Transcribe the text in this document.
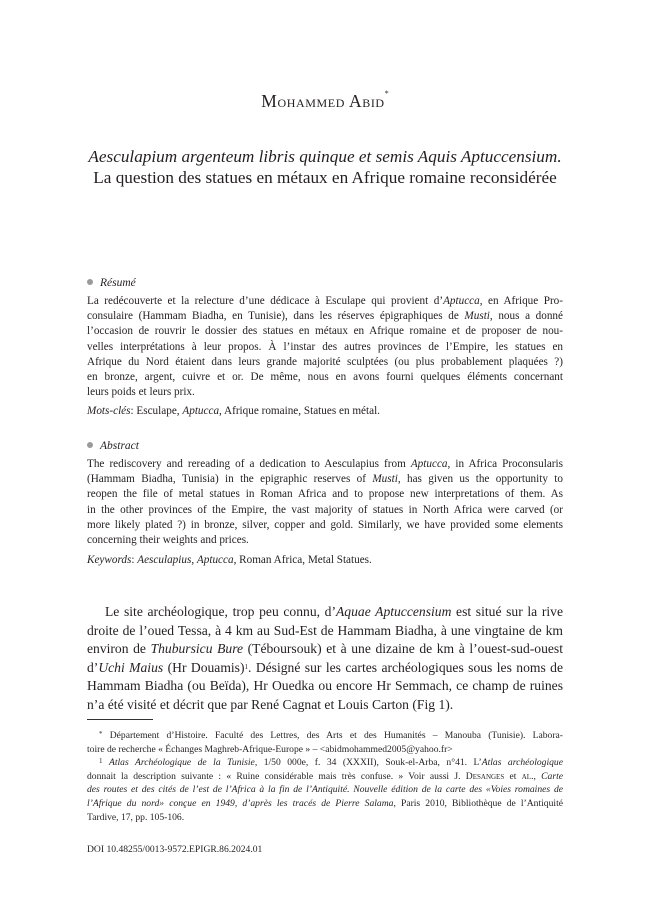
Mohammed Abid*
Aesculapium argenteum libris quinque et semis Aquis Aptuccensium.
La question des statues en métaux en Afrique romaine reconsidérée
Résumé
La redécouverte et la relecture d’une dédicace à Esculape qui provient d’Aptucca, en Afrique Pro-
consulaire (Hammam Biadha, en Tunisie), dans les réserves épigraphiques de Musti, nous a donné
l’occasion de rouvrir le dossier des statues en métaux en Afrique romaine et de proposer de nou-
velles interprétations à leur propos. À l’instar des autres provinces de l’Empire, les statues en
Afrique du Nord étaient dans leurs grande majorité sculptées (ou plus probablement plaquées ?)
en bronze, argent, cuivre et or. De même, nous en avons fourni quelques éléments concernant
leurs poids et leurs prix.
Mots-clés: Esculape, Aptucca, Afrique romaine, Statues en métal.
Abstract
The rediscovery and rereading of a dedication to Aesculapius from Aptucca, in Africa Proconsularis
(Hammam Biadha, Tunisia) in the epigraphic reserves of Musti, has given us the opportunity to
reopen the file of metal statues in Roman Africa and to propose new interpretations of them. As
in the other provinces of the Empire, the vast majority of statues in North Africa were carved (or
more likely plated ?) in bronze, silver, copper and gold. Similarly, we have provided some elements
concerning their weights and prices.
Keywords: Aesculapius, Aptucca, Roman Africa, Metal Statues.
Le site archéologique, trop peu connu, d’Aquae Aptuccensium est situé sur la rive
droite de l’oued Tessa, à 4 km au Sud-Est de Hammam Biadha, à une vingtaine de km
environ de Thubursicu Bure (Téboursouk) et à une dizaine de km à l’ouest-sud-ouest
d’Uchi Maius (Hr Douamis)$^1$. Désigné sur les cartes archéologiques sous les noms de
Hammam Biadha (ou Beïda), Hr Ouedka ou encore Hr Semmach, ce champ de ruines
n’a été visité et décrit que par René Cagnat et Louis Carton (Fig 1).
* Département d’Histoire. Faculté des Lettres, des Arts et des Humanités – Manouba (Tunisie). Labora-
toire de recherche « Échanges Maghreb-Afrique-Europe » – <abidmohammed2005@yahoo.fr>
$^1$ Atlas Archéologique de la Tunisie, 1/50 000e, f. 34 (XXXII), Souk-el-Arba, n°41. L’Atlas archéologique
donnait la description suivante : « Ruine considérable mais très confuse. » Voir aussi J. Desanges et al., Carte
des routes et des cités de l’est de l’Africa à la fin de l’Antiquité. Nouvelle édition de la carte des «Voies romaines de
l’Afrique du nord» conçue en 1949, d’après les tracés de Pierre Salama, Paris 2010, Bibliothèque de l’Antiquité
Tardive, 17, pp. 105-106.
DOI 10.48255/0013-9572.EPIGR.86.2024.01
